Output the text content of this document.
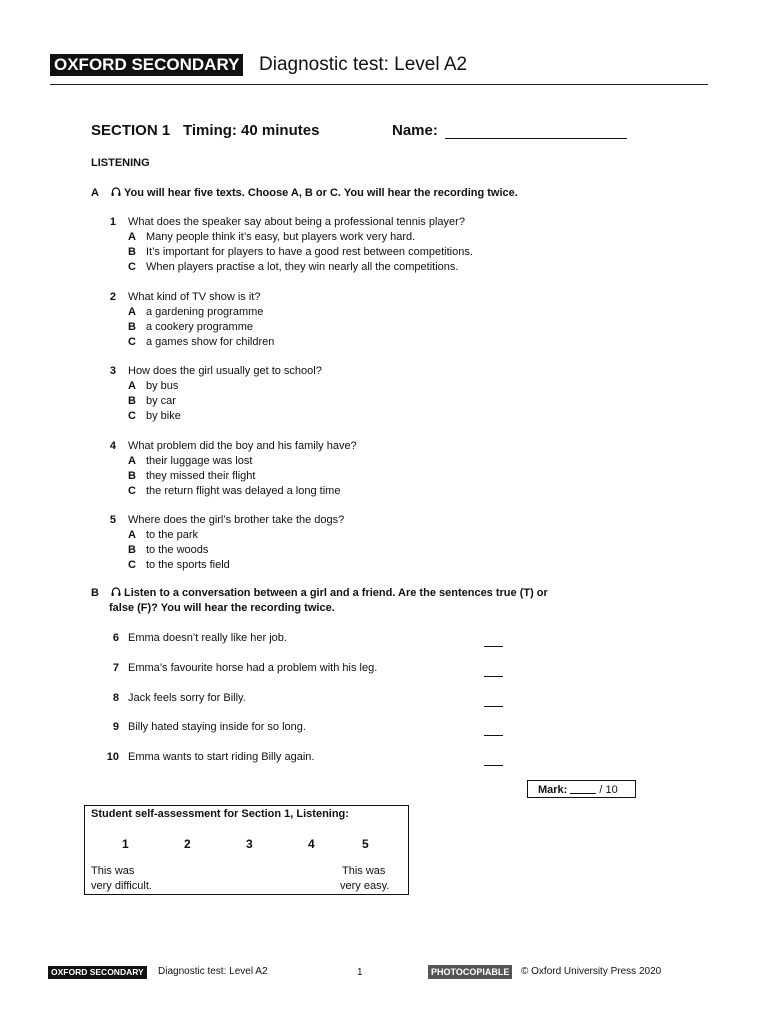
OXFORD SECONDARY Diagnostic test: Level A2
SECTION 1 Timing: 40 minutes	Name:
LISTENING
A	You will hear five texts. Choose A, B or C. You will hear the recording twice.
1 What does the speaker say about being a professional tennis player?
A Many people think it’s easy, but players work very hard.
B It’s important for players to have a good rest between competitions.
C When players practise a lot, they win nearly all the competitions.
2 What kind of TV show is it?
A a gardening programme
B a cookery programme
C a games show for children
3 How does the girl usually get to school?
A by bus
B by car
C by bike
4 What problem did the boy and his family have?
A their luggage was lost
B they missed their flight
C the return flight was delayed a long time
5 Where does the girl’s brother take the dogs?
A to the park
B to the woods
C to the sports field
B	Listen to a conversation between a girl and a friend. Are the sentences true (T) or
false (F)? You will hear the recording twice.
6 Emma doesn’t really like her job.
7 Emma’s favourite horse had a problem with his leg.
8 Jack feels sorry for Billy.
9 Billy hated staying inside for so long.
10 Emma wants to start riding Billy again.
Mark:	/ 10
Student self-assessment for Section 1, Listening:
1	2	3	4	5
This was
very difficult.
This was
very easy.
OXFORD SECONDARY	Diagnostic test: Level A2	1	PHOTOCOPIABLE	© Oxford University Press 2020
